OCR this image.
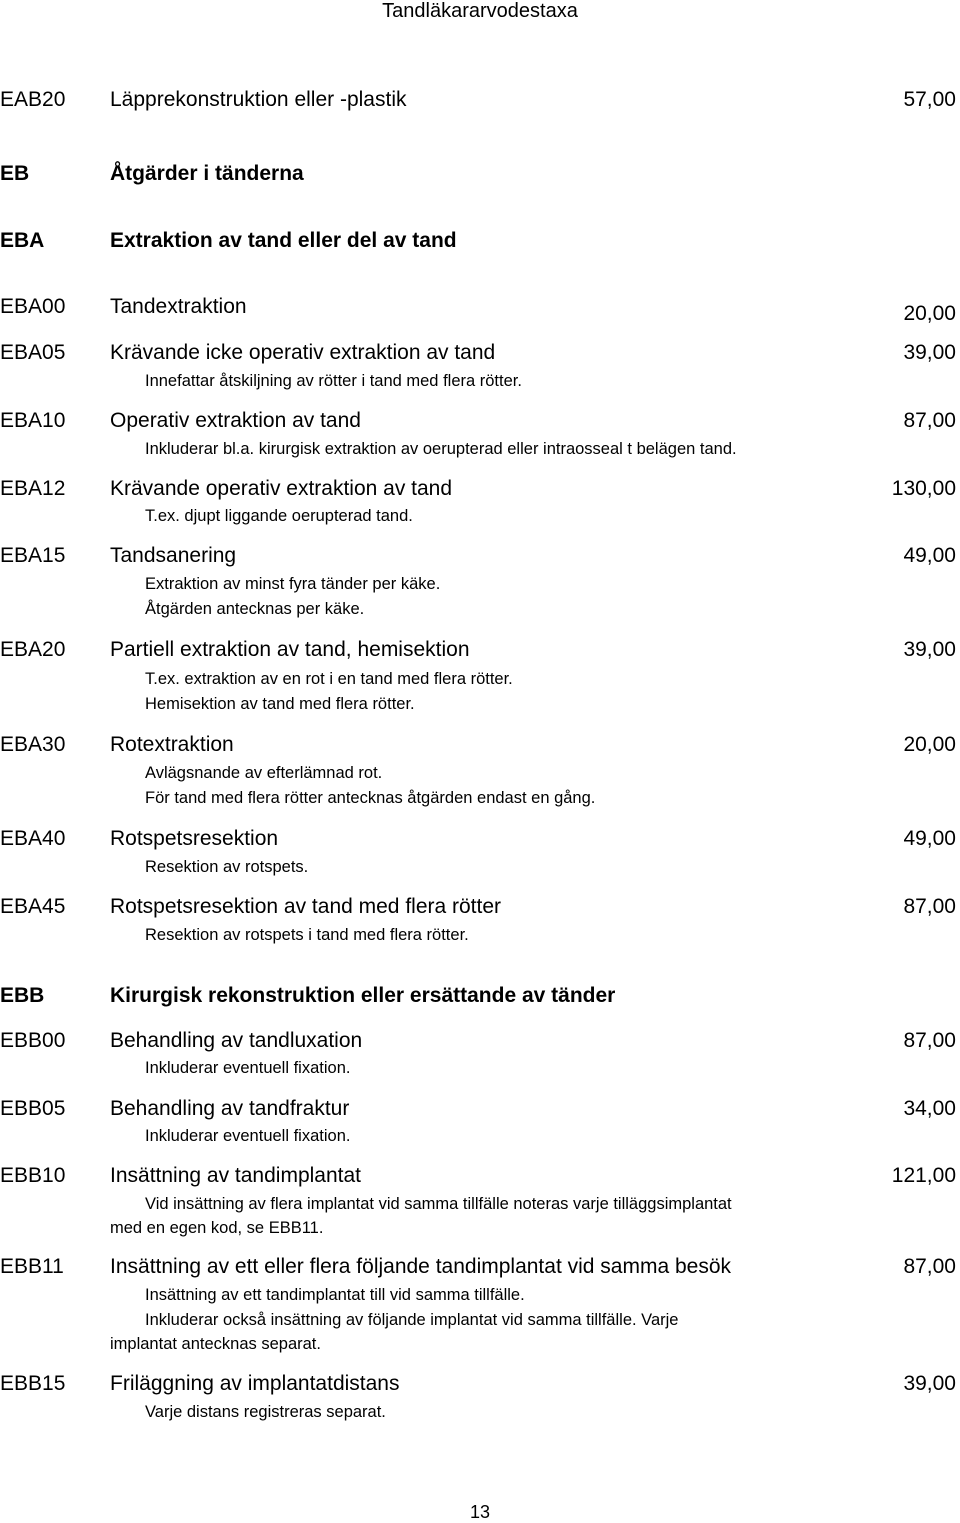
Tandläkararvodestaxa
EAB20 Läpprekonstruktion eller -plastik	57,00
EB	Åtgärder i tänderna
EBA	Extraktion av tand eller del av tand
EBA00 Tandextraktion	20,00
EBA05 Krävande icke operativ extraktion av tand	39,00
Innefattar åtskiljning av rötter i tand med flera rötter.
EBA10 Operativ extraktion av tand	87,00
Inkluderar bl.a. kirurgisk extraktion av oerupterad eller intraosseal t belägen tand.
EBA12 Krävande operativ extraktion av tand	130,00
T.ex. djupt liggande oerupterad tand.
EBA15 Tandsanering	49,00
Extraktion av minst fyra tänder per käke.
Åtgärden antecknas per käke.
EBA20 Partiell extraktion av tand, hemisektion	39,00
T.ex. extraktion av en rot i en tand med flera rötter.
Hemisektion av tand med flera rötter.
EBA30 Rotextraktion	20,00
Avlägsnande av efterlämnad rot.
För tand med flera rötter antecknas åtgärden endast en gång.
EBA40 Rotspetsresektion	49,00
Resektion av rotspets.
EBA45 Rotspetsresektion av tand med flera rötter	87,00
Resektion av rotspets i tand med flera rötter.
EBB	Kirurgisk rekonstruktion eller ersättande av tänder
EBB00 Behandling av tandluxation	87,00
Inkluderar eventuell fixation.
EBB05 Behandling av tandfraktur	34,00
Inkluderar eventuell fixation.
EBB10 Insättning av tandimplantat	121,00
Vid insättning av flera implantat vid samma tillfälle noteras varje tilläggsimplantat
med en egen kod, se EBB11.
EBB11 Insättning av ett eller flera följande tandimplantat vid samma besök	87,00
Insättning av ett tandimplantat till vid samma tillfälle.
Inkluderar också insättning av följande implantat vid samma tillfälle. Varje
implantat antecknas separat.
EBB15 Friläggning av implantatdistans	39,00
Varje distans registreras separat.
13
